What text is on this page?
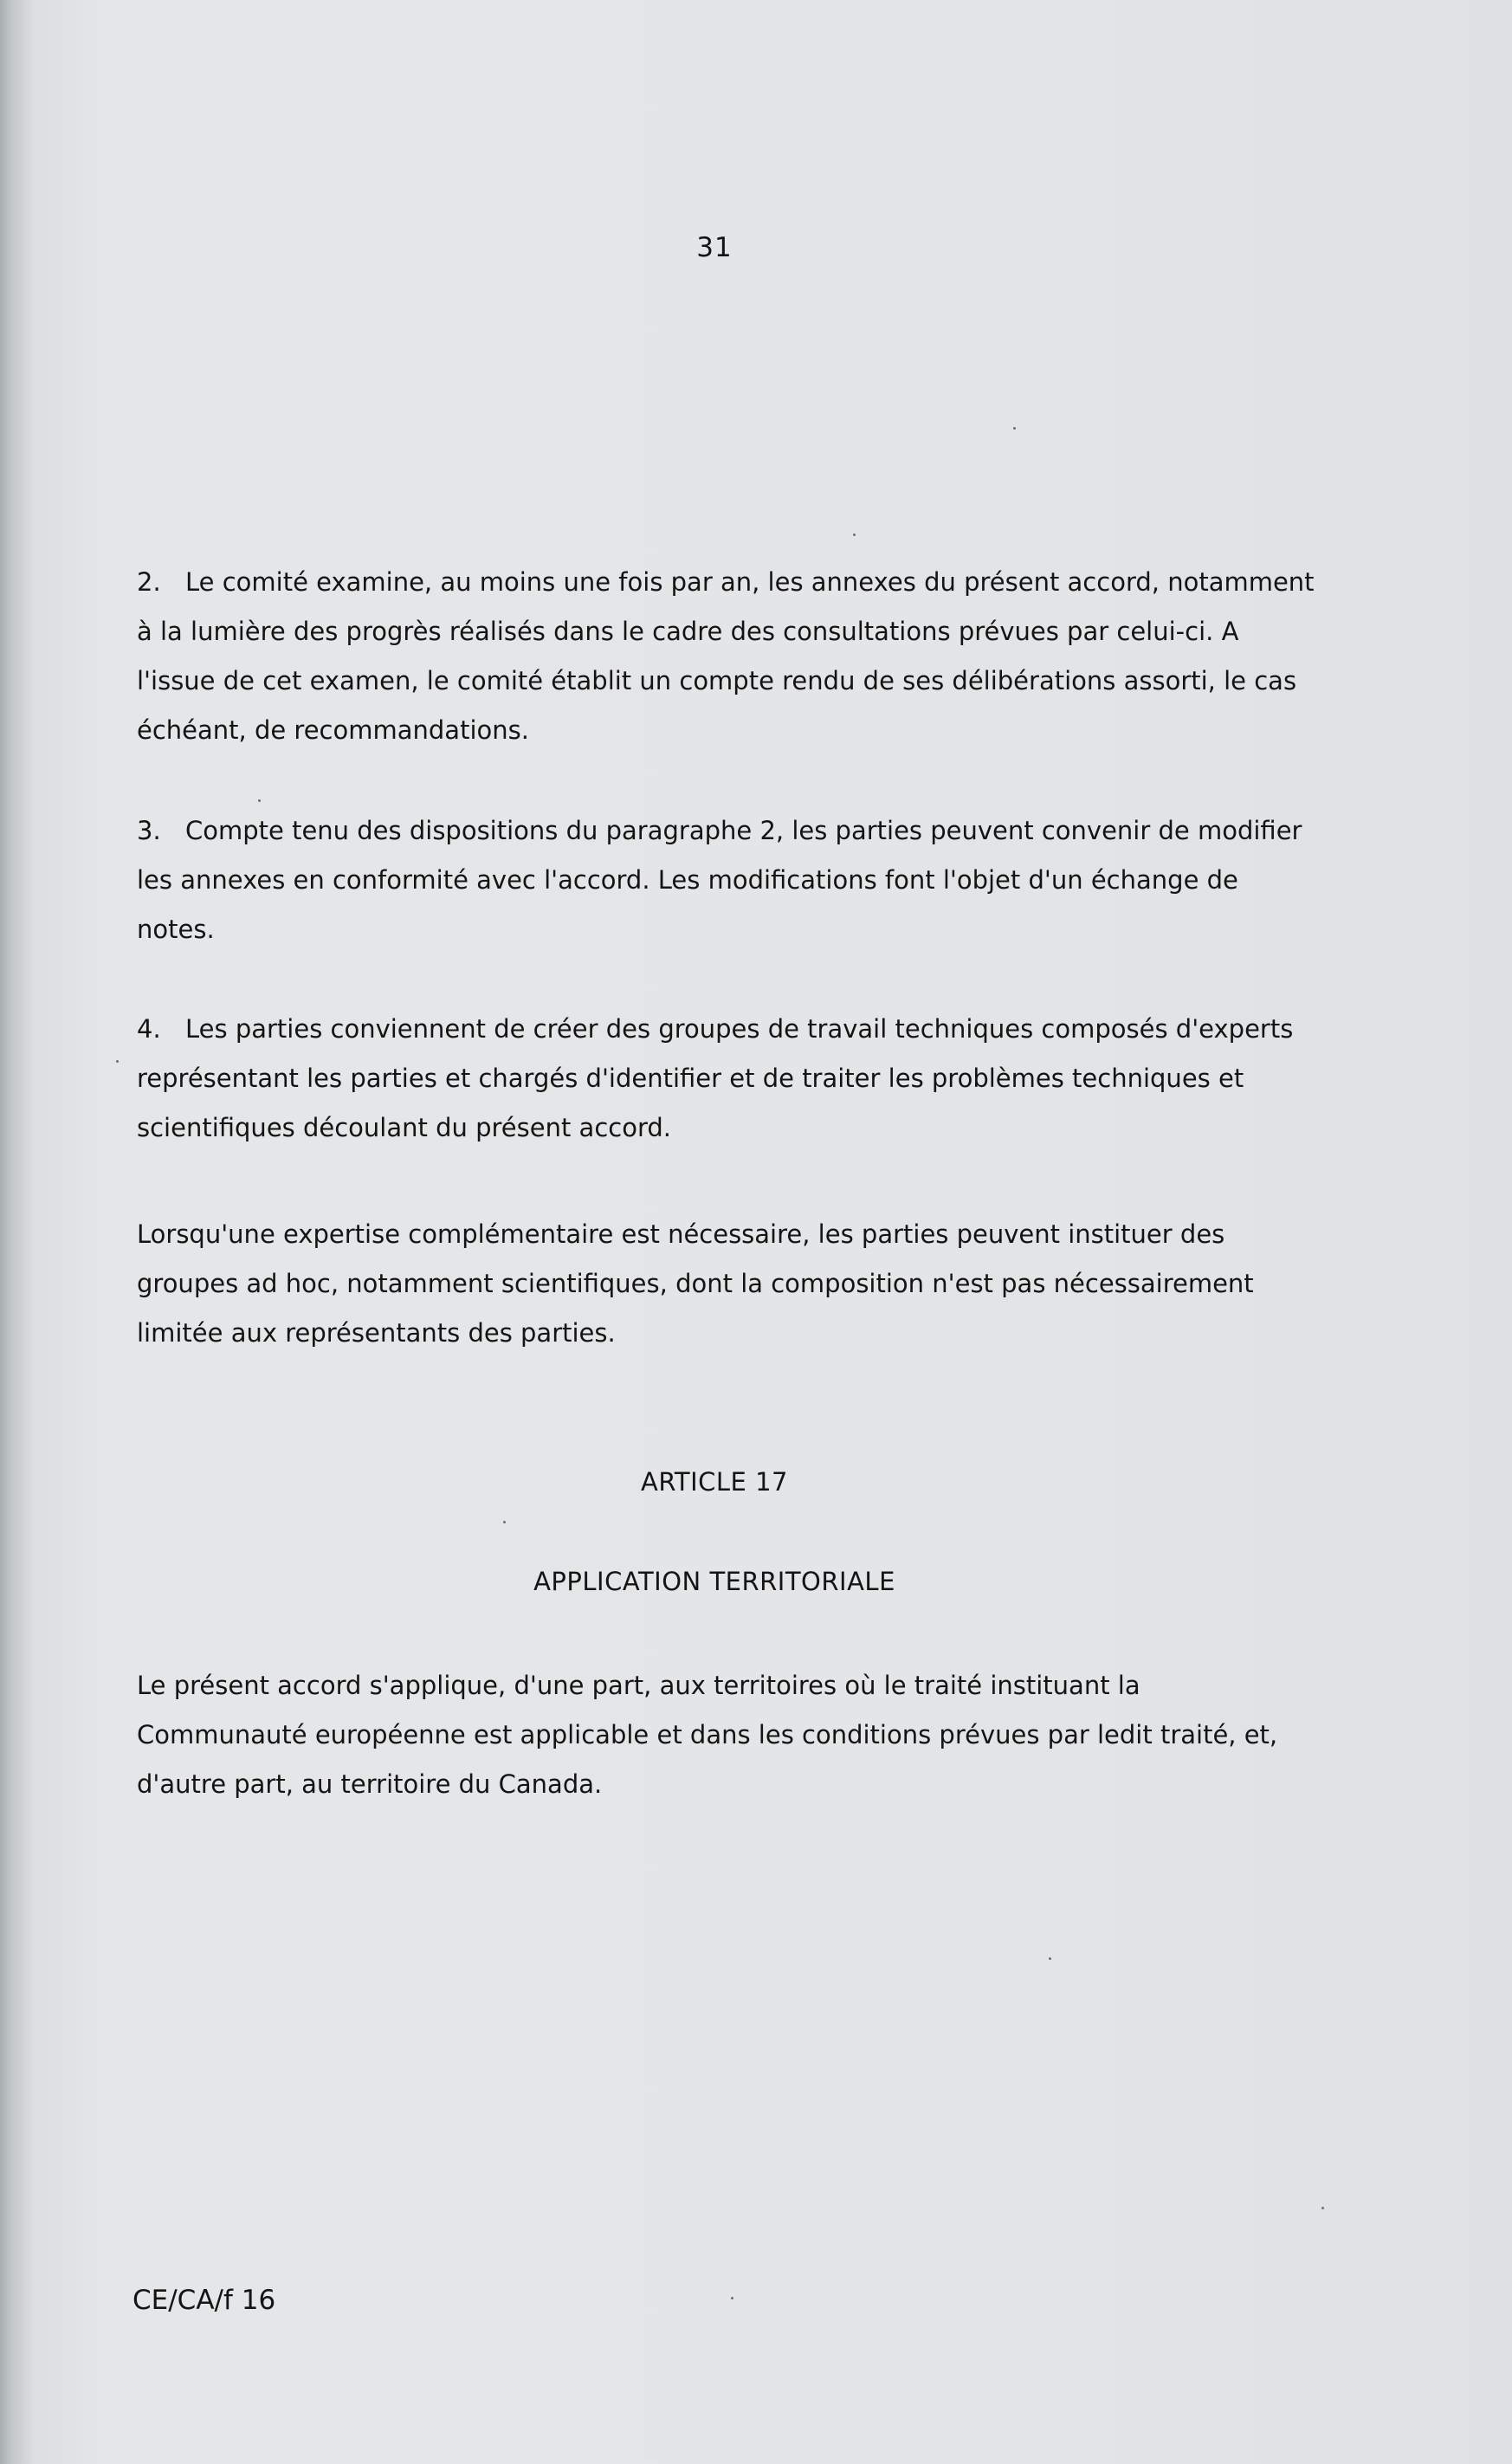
31

2. Le comité examine, au moins une fois par an, les annexes du présent accord, notamment à la lumière des progrès réalisés dans le cadre des consultations prévues par celui-ci. A l'issue de cet examen, le comité établit un compte rendu de ses délibérations assorti, le cas échéant, de recommandations.

3. Compte tenu des dispositions du paragraphe 2, les parties peuvent convenir de modifier les annexes en conformité avec l'accord. Les modifications font l'objet d'un échange de notes.

4. Les parties conviennent de créer des groupes de travail techniques composés d'experts représentant les parties et chargés d'identifier et de traiter les problèmes techniques et scientifiques découlant du présent accord.

Lorsqu'une expertise complémentaire est nécessaire, les parties peuvent instituer des groupes ad hoc, notamment scientifiques, dont la composition n'est pas nécessairement limitée aux représentants des parties.

ARTICLE 17
APPLICATION TERRITORIALE

Le présent accord s'applique, d'une part, aux territoires où le traité instituant la Communauté européenne est applicable et dans les conditions prévues par ledit traité, et, d'autre part, au territoire du Canada.

CE/CA/f 16
